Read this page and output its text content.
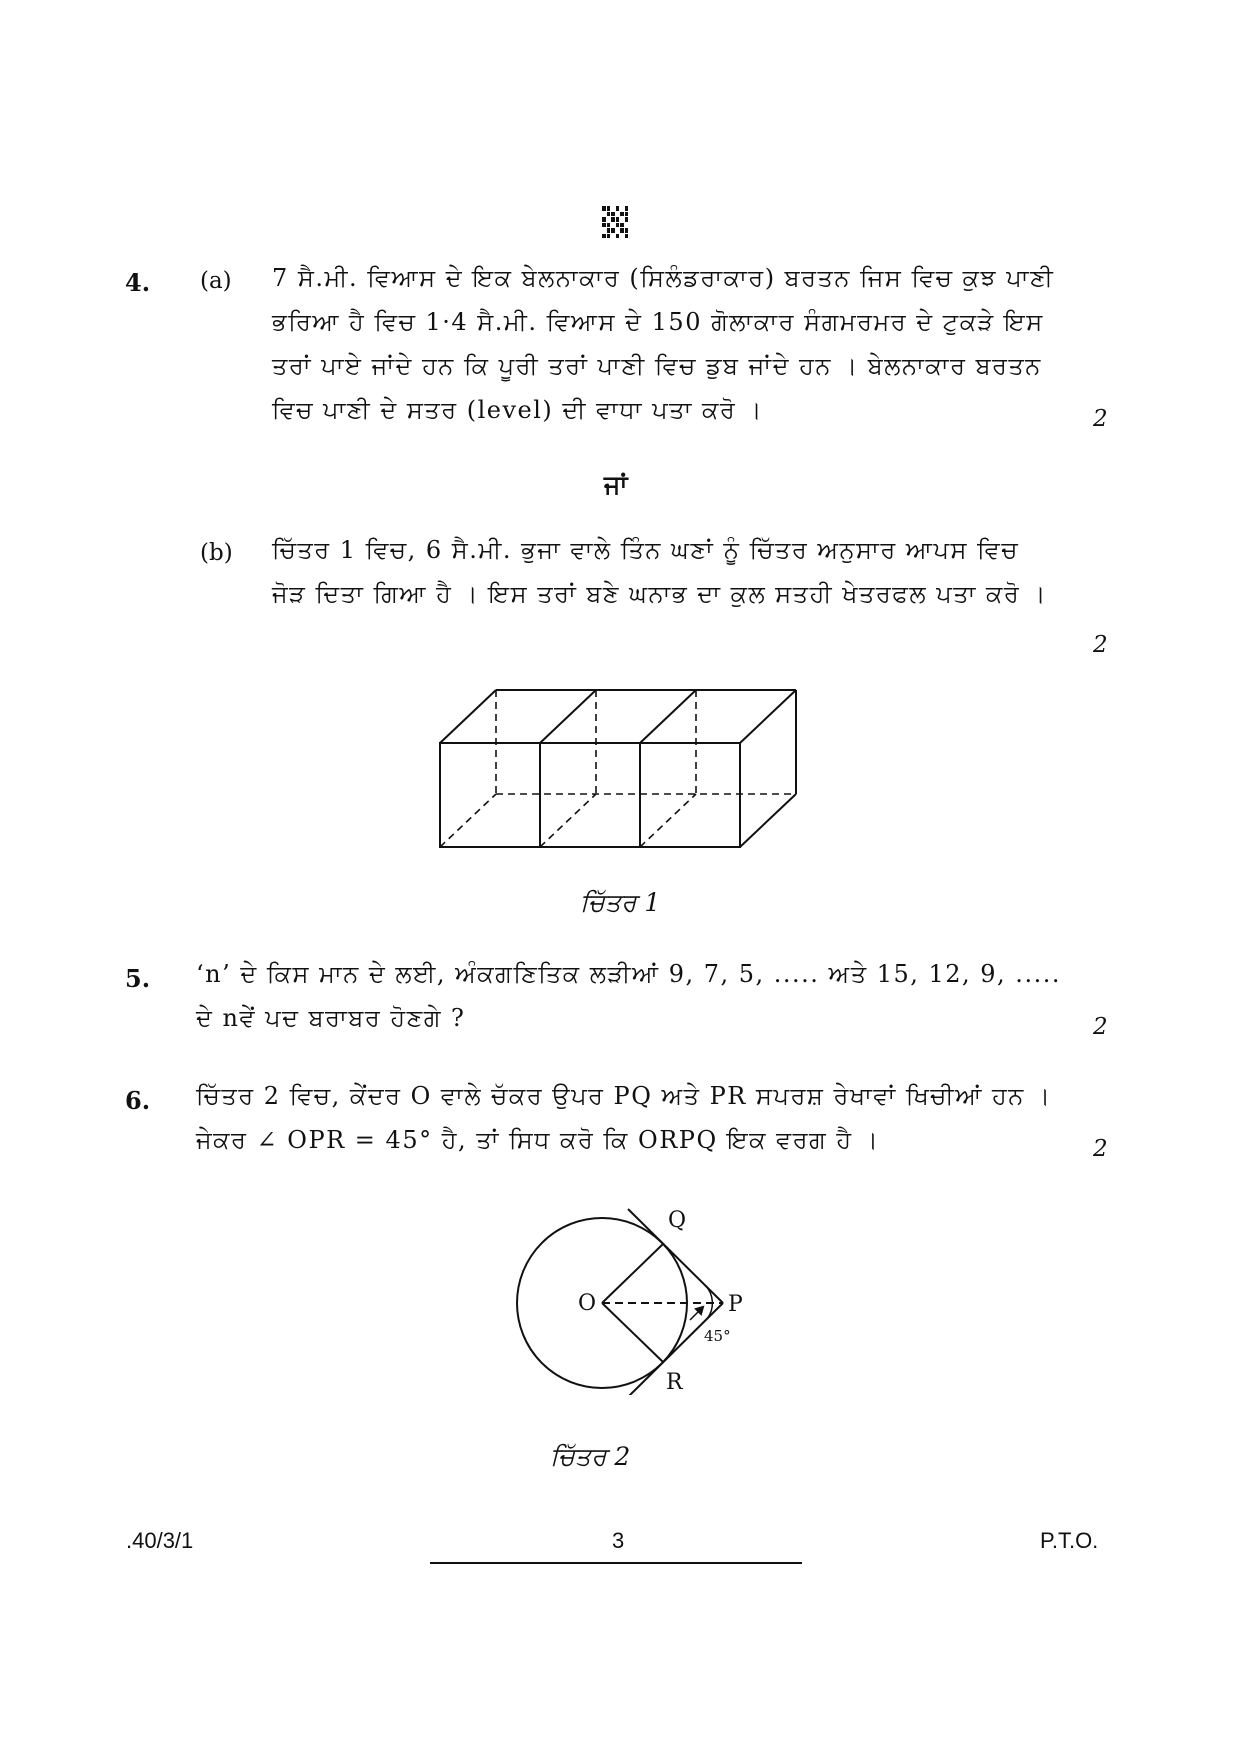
4. (a) 7 ਸੈ.ਮੀ. ਵਿਆਸ ਦੇ ਇਕ ਬੇਲਨਾਕਾਰ (ਸਿਲੰਡਰਾਕਾਰ) ਬਰਤਨ ਜਿਸ ਵਿਚ ਕੁਝ ਪਾਣੀ ਭਰਿਆ ਹੈ ਵਿਚ 1·4 ਸੈ.ਮੀ. ਵਿਆਸ ਦੇ 150 ਗੋਲਾਕਾਰ ਸੰਗਮਰਮਰ ਦੇ ਟੁਕੜੇ ਇਸ ਤਰਾਂ ਪਾਏ ਜਾਂਦੇ ਹਨ ਕਿ ਪੂਰੀ ਤਰਾਂ ਪਾਣੀ ਵਿਚ ਡੁਬ ਜਾਂਦੇ ਹਨ । ਬੇਲਨਾਕਾਰ ਬਰਤਨ ਵਿਚ ਪਾਣੀ ਦੇ ਸਤਰ (level) ਦੀ ਵਾਧਾ ਪਤਾ ਕਰੋ ।	2
ਜਾਂ
(b) ਚਿੱਤਰ 1 ਵਿਚ, 6 ਸੈ.ਮੀ. ਭੁਜਾ ਵਾਲੇ ਤਿੰਨ ਘਣਾਂ ਨੂੰ ਚਿੱਤਰ ਅਨੁਸਾਰ ਆਪਸ ਵਿਚ ਜੋੜ ਦਿਤਾ ਗਿਆ ਹੈ । ਇਸ ਤਰਾਂ ਬਣੇ ਘਨਾਭ ਦਾ ਕੁਲ ਸਤਹੀ ਖੇਤਰਫਲ ਪਤਾ ਕਰੋ ।
2
ਚਿੱਤਰ 1
5. ‘n’ ਦੇ ਕਿਸ ਮਾਨ ਦੇ ਲਈ, ਅੰਕਗਣਿਤਿਕ ਲੜੀਆਂ 9, 7, 5, ..... ਅਤੇ 15, 12, 9, ..... ਦੇ nਵੇਂ ਪਦ ਬਰਾਬਰ ਹੋਣਗੇ ?	2
6. ਚਿੱਤਰ 2 ਵਿਚ, ਕੇਂਦਰ O ਵਾਲੇ ਚੱਕਰ ਉਪਰ PQ ਅਤੇ PR ਸਪਰਸ਼ ਰੇਖਾਵਾਂ ਖਿਚੀਆਂ ਹਨ । ਜੇਕਰ ∠ OPR = 45° ਹੈ, ਤਾਂ ਸਿਧ ਕਰੋ ਕਿ ORPQ ਇਕ ਵਰਗ ਹੈ ।	2
Q
O	P
R
45°
ਚਿੱਤਰ 2
.40/3/1	3	P.T.O.
